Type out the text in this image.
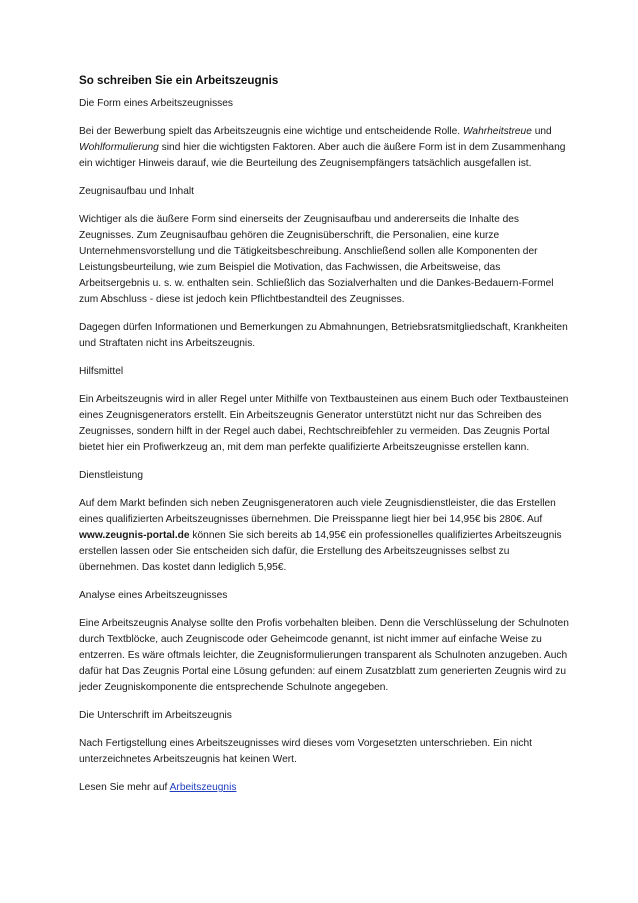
So schreiben Sie ein Arbeitszeugnis
Die Form eines Arbeitszeugnisses

Bei der Bewerbung spielt das Arbeitszeugnis eine wichtige und entscheidende Rolle. Wahrheitstreue und Wohlformulierung sind hier die wichtigsten Faktoren. Aber auch die äußere Form ist in dem Zusammenhang ein wichtiger Hinweis darauf, wie die Beurteilung des Zeugnisempfängers tatsächlich ausgefallen ist.

Zeugnisaufbau und Inhalt

Wichtiger als die äußere Form sind einerseits der Zeugnisaufbau und andererseits die Inhalte des Zeugnisses. Zum Zeugnisaufbau gehören die Zeugnisüberschrift, die Personalien, eine kurze Unternehmensvorstellung und die Tätigkeitsbeschreibung. Anschließend sollen alle Komponenten der Leistungsbeurteilung, wie zum Beispiel die Motivation, das Fachwissen, die Arbeitsweise, das Arbeitsergebnis u. s. w. enthalten sein. Schließlich das Sozialverhalten und die Dankes-Bedauern-Formel zum Abschluss - diese ist jedoch kein Pflichtbestandteil des Zeugnisses.

Dagegen dürfen Informationen und Bemerkungen zu Abmahnungen, Betriebsratsmitgliedschaft, Krankheiten und Straftaten nicht ins Arbeitszeugnis.

Hilfsmittel

Ein Arbeitszeugnis wird in aller Regel unter Mithilfe von Textbausteinen aus einem Buch oder Textbausteinen eines Zeugnisgenerators erstellt. Ein Arbeitszeugnis Generator unterstützt nicht nur das Schreiben des Zeugnisses, sondern hilft in der Regel auch dabei, Rechtschreibfehler zu vermeiden. Das Zeugnis Portal bietet hier ein Profiwerkzeug an, mit dem man perfekte qualifizierte Arbeitszeugnisse erstellen kann.

Dienstleistung

Auf dem Markt befinden sich neben Zeugnisgeneratoren auch viele Zeugnisdienstleister, die das Erstellen eines qualifizierten Arbeitszeugnisses übernehmen. Die Preisspanne liegt hier bei 14,95€ bis 280€. Auf www.zeugnis-portal.de können Sie sich bereits ab 14,95€ ein professionelles qualifiziertes Arbeitszeugnis erstellen lassen oder Sie entscheiden sich dafür, die Erstellung des Arbeitszeugnisses selbst zu übernehmen. Das kostet dann lediglich 5,95€.

Analyse eines Arbeitszeugnisses

Eine Arbeitszeugnis Analyse sollte den Profis vorbehalten bleiben. Denn die Verschlüsselung der Schulnoten durch Textblöcke, auch Zeugniscode oder Geheimcode genannt, ist nicht immer auf einfache Weise zu entzerren. Es wäre oftmals leichter, die Zeugnisformulierungen transparent als Schulnoten anzugeben. Auch dafür hat Das Zeugnis Portal eine Lösung gefunden: auf einem Zusatzblatt zum generierten Zeugnis wird zu jeder Zeugniskomponente die entsprechende Schulnote angegeben.

Die Unterschrift im Arbeitszeugnis

Nach Fertigstellung eines Arbeitszeugnisses wird dieses vom Vorgesetzten unterschrieben. Ein nicht unterzeichnetes Arbeitszeugnis hat keinen Wert.

Lesen Sie mehr auf Arbeitszeugnis
